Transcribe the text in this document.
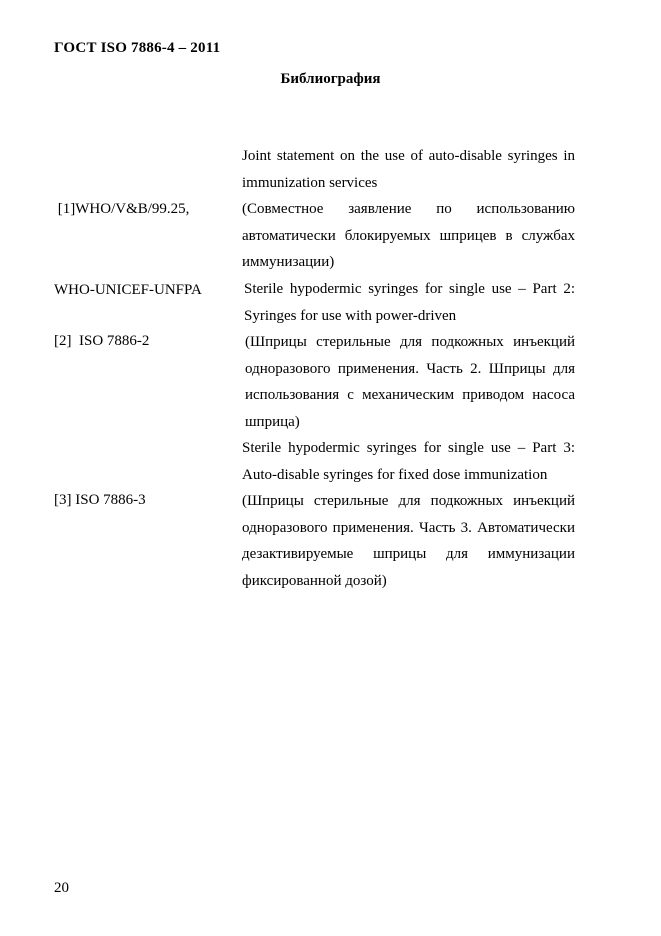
ГОСТ ISO 7886-4 – 2011
Библиография

[1]WHO/V&B/99.25,

WHO-UNICEF-UNFPA

Joint statement on the use of auto-disable syringes in immunization services

(Совместное заявление по использованию автоматически блокируемых шприцев в службах иммунизации)

[2]  ISO 7886-2

Sterile hypodermic syringes for single use – Part 2: Syringes for use with power-driven

(Шприцы стерильные для подкожных инъекций одноразового применения. Часть 2. Шприцы для использования с механическим приводом насоса шприца)

[3] ISO 7886-3

Sterile hypodermic syringes for single use – Part 3: Auto-disable syringes for fixed dose immunization

(Шприцы стерильные для подкожных инъекций одноразового применения. Часть 3. Автоматически дезактивируемые шприцы для иммунизации фиксированной дозой)

20
